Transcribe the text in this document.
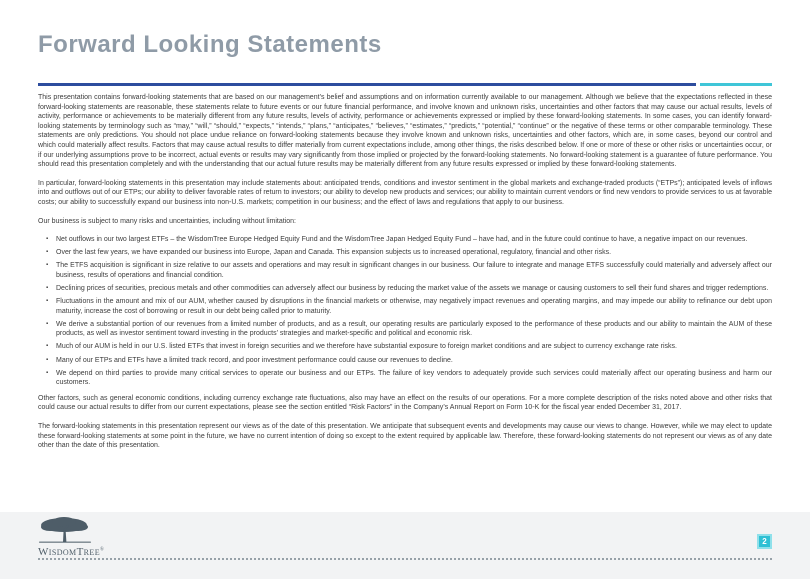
Forward Looking Statements

This presentation contains forward-looking statements that are based on our management’s belief and assumptions and on information currently available to our management. Although we believe that the expectations reflected in these forward-looking statements are reasonable, these statements relate to future events or our future financial performance, and involve known and unknown risks, uncertainties and other factors that may cause our actual results, levels of activity, performance or achievements to be materially different from any future results, levels of activity, performance or achievements expressed or implied by these forward-looking statements. In some cases, you can identify forward-looking statements by terminology such as “may,” “will,” “should,” “expects,” “intends,” “plans,” “anticipates,” “believes,” “estimates,” “predicts,” “potential,” “continue” or the negative of these terms or other comparable terminology. These statements are only predictions. You should not place undue reliance on forward-looking statements because they involve known and unknown risks, uncertainties and other factors, which are, in some cases, beyond our control and which could materially affect results. Factors that may cause actual results to differ materially from current expectations include, among other things, the risks described below. If one or more of these or other risks or uncertainties occur, or if our underlying assumptions prove to be incorrect, actual events or results may vary significantly from those implied or projected by the forward-looking statements. No forward-looking statement is a guarantee of future performance. You should read this presentation completely and with the understanding that our actual future results may be materially different from any future results expressed or implied by these forward-looking statements.

In particular, forward-looking statements in this presentation may include statements about: anticipated trends, conditions and investor sentiment in the global markets and exchange-traded products (“ETPs”); anticipated levels of inflows into and outflows out of our ETPs; our ability to deliver favorable rates of return to investors; our ability to develop new products and services; our ability to maintain current vendors or find new vendors to provide services to us at favorable costs; our ability to successfully expand our business into non-U.S. markets; competition in our business; and the effect of laws and regulations that apply to our business.

Our business is subject to many risks and uncertainties, including without limitation:

▪	Net outflows in our two largest ETFs – the WisdomTree Europe Hedged Equity Fund and the WisdomTree Japan Hedged Equity Fund – have had, and in the future could continue to have, a negative impact on our revenues.
▪	Over the last few years, we have expanded our business into Europe, Japan and Canada. This expansion subjects us to increased operational, regulatory, financial and other risks.
▪	The ETFS acquisition is significant in size relative to our assets and operations and may result in significant changes in our business. Our failure to integrate and manage ETFS successfully could materially and adversely affect our business, results of operations and financial condition.
▪	Declining prices of securities, precious metals and other commodities can adversely affect our business by reducing the market value of the assets we manage or causing customers to sell their fund shares and trigger redemptions.
▪	Fluctuations in the amount and mix of our AUM, whether caused by disruptions in the financial markets or otherwise, may negatively impact revenues and operating margins, and may impede our ability to refinance our debt upon maturity, increase the cost of borrowing or result in our debt being called prior to maturity.
▪	We derive a substantial portion of our revenues from a limited number of products, and as a result, our operating results are particularly exposed to the performance of these products and our ability to maintain the AUM of these products, as well as investor sentiment toward investing in the products’ strategies and market-specific and political and economic risk.
▪	Much of our AUM is held in our U.S. listed ETFs that invest in foreign securities and we therefore have substantial exposure to foreign market conditions and are subject to currency exchange rate risks.
▪	Many of our ETPs and ETFs have a limited track record, and poor investment performance could cause our revenues to decline.
▪	We depend on third parties to provide many critical services to operate our business and our ETPs. The failure of key vendors to adequately provide such services could materially affect our operating business and harm our customers.

Other factors, such as general economic conditions, including currency exchange rate fluctuations, also may have an effect on the results of our operations. For a more complete description of the risks noted above and other risks that could cause our actual results to differ from our current expectations, please see the section entitled “Risk Factors” in the Company’s Annual Report on Form 10-K for the fiscal year ended December 31, 2017.

The forward-looking statements in this presentation represent our views as of the date of this presentation. We anticipate that subsequent events and developments may cause our views to change. However, while we may elect to update these forward-looking statements at some point in the future, we have no current intention of doing so except to the extent required by applicable law. Therefore, these forward-looking statements do not represent our views as of any date other than the date of this presentation.

WisdomTree®
2
